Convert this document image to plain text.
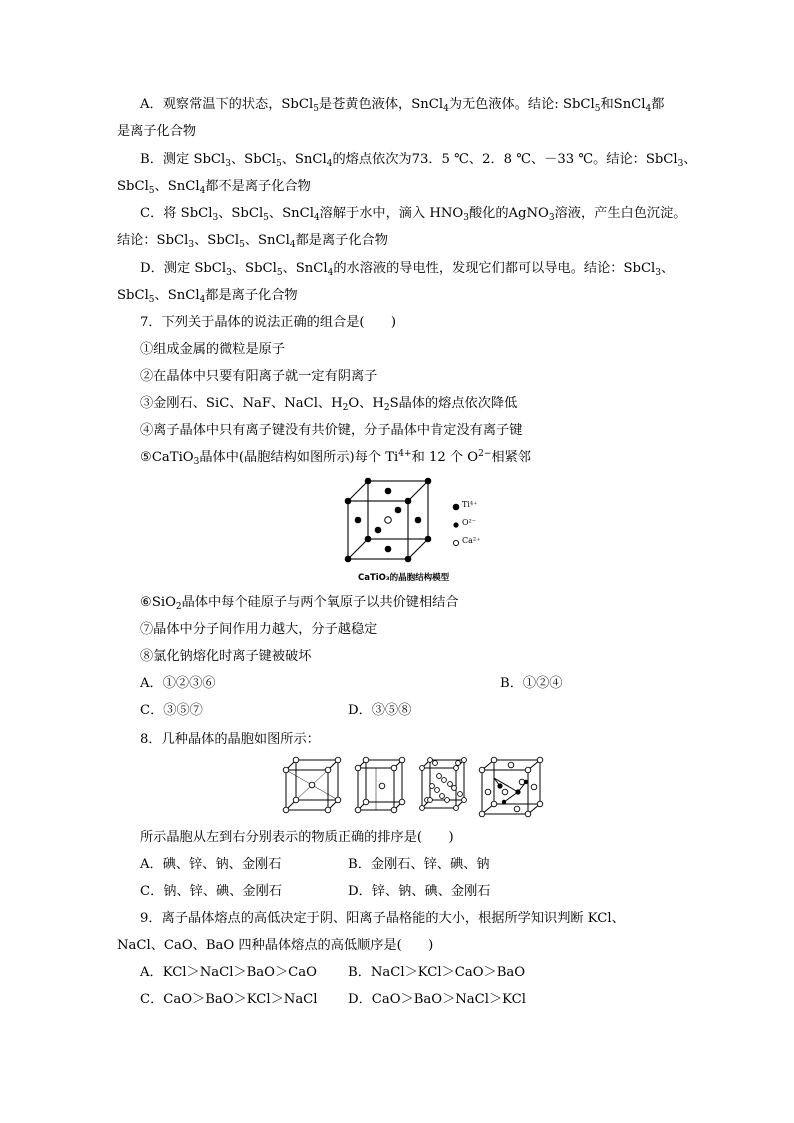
A．观察常温下的状态，SbCl$_5$是苍黄色液体，SnCl$_4$为无色液体。结论: SbCl$_5$和SnCl$_4$都
是离子化合物
B．测定 SbCl$_3$、SbCl$_5$、SnCl$_4$的熔点依次为73．5 ℃、2．8 ℃、－33 ℃。结论：SbCl$_3$、
SbCl$_5$、SnCl$_4$都不是离子化合物
C．将 SbCl$_3$、SbCl$_5$、SnCl$_4$溶解于水中，滴入 $HNO_3$酸化的AgNO$_3$溶液，产生白色沉淀。
结论：SbCl$_3$、SbCl$_5$、SnCl$_4$都是离子化合物
D．测定 SbCl$_3$、SbCl$_5$、SnCl$_4$的水溶液的导电性，发现它们都可以导电。结论：SbCl$_3$、
SbCl$_5$、SnCl$_4$都是离子化合物
7．下列关于晶体的说法正确的组合是(　　)
①组成金属的微粒是原子
②在晶体中只要有阳离子就一定有阴离子
③金刚石、SiC、NaF、NaCl、$H_2O$、$H_2S$晶体的熔点依次降低
④离子晶体中只有离子键没有共价键，分子晶体中肯定没有离子键
⑤CaTiO$_3$晶体中(晶胞结构如图所示)每个 $Ti^{4+}$和 12 个 $O^{2-}$相紧邻
Ti⁴⁺
O²⁻
Ca²⁺
CaTiO₃的晶胞结构模型
⑥SiO$_2$晶体中每个硅原子与两个氧原子以共价键相结合
⑦晶体中分子间作用力越大，分子越稳定
⑧氯化钠熔化时离子键被破坏
A．①②③⑥	B．①②④
C．③⑤⑦	D．③⑤⑧
8．几种晶体的晶胞如图所示：
所示晶胞从左到右分别表示的物质正确的排序是(　　)
A．碘、锌、钠、金刚石	B．金刚石、锌、碘、钠
C．钠、锌、碘、金刚石	D．锌、钠、碘、金刚石
9．离子晶体熔点的高低决定于阴、阳离子晶格能的大小，根据所学知识判断 KCl、
NaCl、CaO、BaO 四种晶体熔点的高低顺序是(　　)
A．KCl＞NaCl＞BaO＞CaO B．NaCl＞KCl＞CaO＞BaO
C．CaO＞BaO＞KCl＞NaCl D．CaO＞BaO＞NaCl＞KCl
